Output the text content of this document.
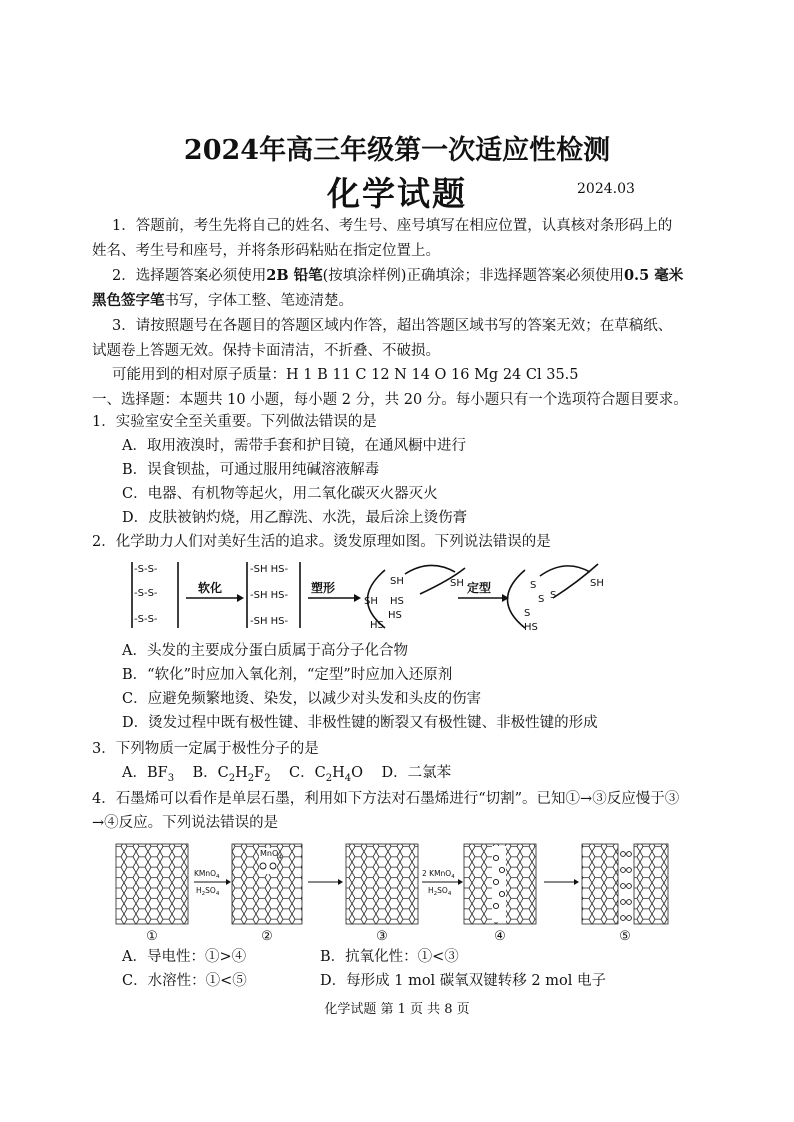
2024年高三年级第一次适应性检测
化学试题	2024.03
1．答题前，考生先将自己的姓名、考生号、座号填写在相应位置，认真核对条形码上的
姓名、考生号和座号，并将条形码粘贴在指定位置上。
2．选择题答案必须使用2B 铅笔(按填涂样例)正确填涂；非选择题答案必须使用0.5 毫米
黑色签字笔书写，字体工整、笔迹清楚。
3．请按照题号在各题目的答题区域内作答，超出答题区域书写的答案无效；在草稿纸、
试题卷上答题无效。保持卡面清洁，不折叠、不破损。
可能用到的相对原子质量：H 1 B 11 C 12 N 14 O 16 Mg 24 Cl 35.5
一、选择题：本题共 10 小题，每小题 2 分，共 20 分。每小题只有一个选项符合题目要求。
1．实验室安全至关重要。下列做法错误的是
A．取用液溴时，需带手套和护目镜，在通风橱中进行
B．误食钡盐，可通过服用纯碱溶液解毒
C．电器、有机物等起火，用二氧化碳灭火器灭火
D．皮肤被钠灼烧，用乙醇洗、水洗，最后涂上烫伤膏
2．化学助力人们对美好生活的追求。烫发原理如图。下列说法错误的是
-S-S-
-S-S-
-S-S-
-SH HS-
-SH HS-
-SH HS-
SH
SH HS
HS
HS
SH	S
S S
S
SH
HS
软化	塑形	定型
A．头发的主要成分蛋白质属于高分子化合物
B．“软化”时应加入氧化剂，“定型”时应加入还原剂
C．应避免频繁地烫、染发，以减少对头发和头皮的伤害
D．烫发过程中既有极性键、非极性键的断裂又有极性键、非极性键的形成
3．下列物质一定属于极性分子的是
A．$BF_3$ B．$C_2H_2F_2$ C．$C_2H_4O$ D．二氯苯
4．石墨烯可以看作是单层石墨，利用如下方法对石墨烯进行“切割”。已知①→③反应慢于③
→④反应。下列说法错误的是
MnO$_4$
KMnO$_4$
$H_2SO_4$
2 KMnO$_4$
$H_2SO_4$
①	②	③	④	⑤
A．导电性：①>④	B．抗氧化性：①<③
C．水溶性：①<⑤	D．每形成 1 mol 碳氧双键转移 2 mol 电子
化学试题 第 1 页 共 8 页
